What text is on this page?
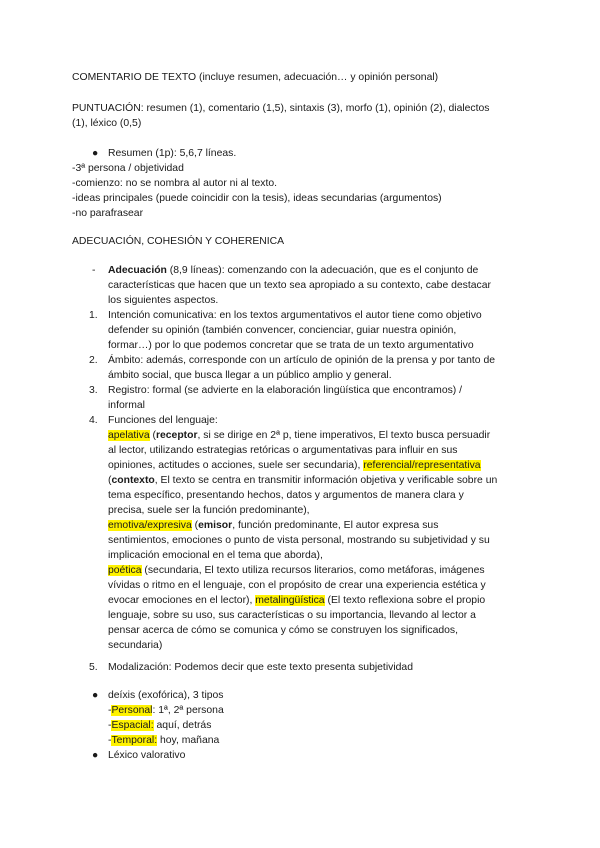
COMENTARIO DE TEXTO (incluye resumen, adecuación… y opinión personal)
PUNTUACIÓN: resumen (1), comentario (1,5), sintaxis (3), morfo (1), opinión (2), dialectos
(1), léxico (0,5)
● Resumen (1p): 5,6,7 líneas.
-3ª persona / objetividad
-comienzo: no se nombra al autor ni al texto.
-ideas principales (puede coincidir con la tesis), ideas secundarias (argumentos)
-no parafrasear
ADECUACIÓN, COHESIÓN Y COHERENICA
- Adecuación (8,9 líneas): comenzando con la adecuación, que es el conjunto de
características que hacen que un texto sea apropiado a su contexto, cabe destacar
los siguientes aspectos.
1. Intención comunicativa: en los textos argumentativos el autor tiene como objetivo
defender su opinión (también convencer, concienciar, guiar nuestra opinión,
formar…) por lo que podemos concretar que se trata de un texto argumentativo
2. Ámbito: además, corresponde con un artículo de opinión de la prensa y por tanto de
ámbito social, que busca llegar a un público amplio y general.
3. Registro: formal (se advierte en la elaboración lingüística que encontramos) /
informal
4. Funciones del lenguaje:
apelativa (receptor, si se dirige en 2ª p, tiene imperativos, El texto busca persuadir
al lector, utilizando estrategias retóricas o argumentativas para influir en sus
opiniones, actitudes o acciones, suele ser secundaria), referencial/representativa
(contexto, El texto se centra en transmitir información objetiva y verificable sobre un
tema específico, presentando hechos, datos y argumentos de manera clara y
precisa, suele ser la función predominante),
emotiva/expresiva (emisor, función predominante, El autor expresa sus
sentimientos, emociones o punto de vista personal, mostrando su subjetividad y su
implicación emocional en el tema que aborda),
poética (secundaria, El texto utiliza recursos literarios, como metáforas, imágenes
vívidas o ritmo en el lenguaje, con el propósito de crear una experiencia estética y
evocar emociones en el lector), metalingüística (El texto reflexiona sobre el propio
lenguaje, sobre su uso, sus características o su importancia, llevando al lector a
pensar acerca de cómo se comunica y cómo se construyen los significados,
secundaria)
5. Modalización: Podemos decir que este texto presenta subjetividad
● deíxis (exofórica), 3 tipos
-Personal: 1ª, 2ª persona
-Espacial: aquí, detrás
-Temporal: hoy, mañana
● Léxico valorativo
